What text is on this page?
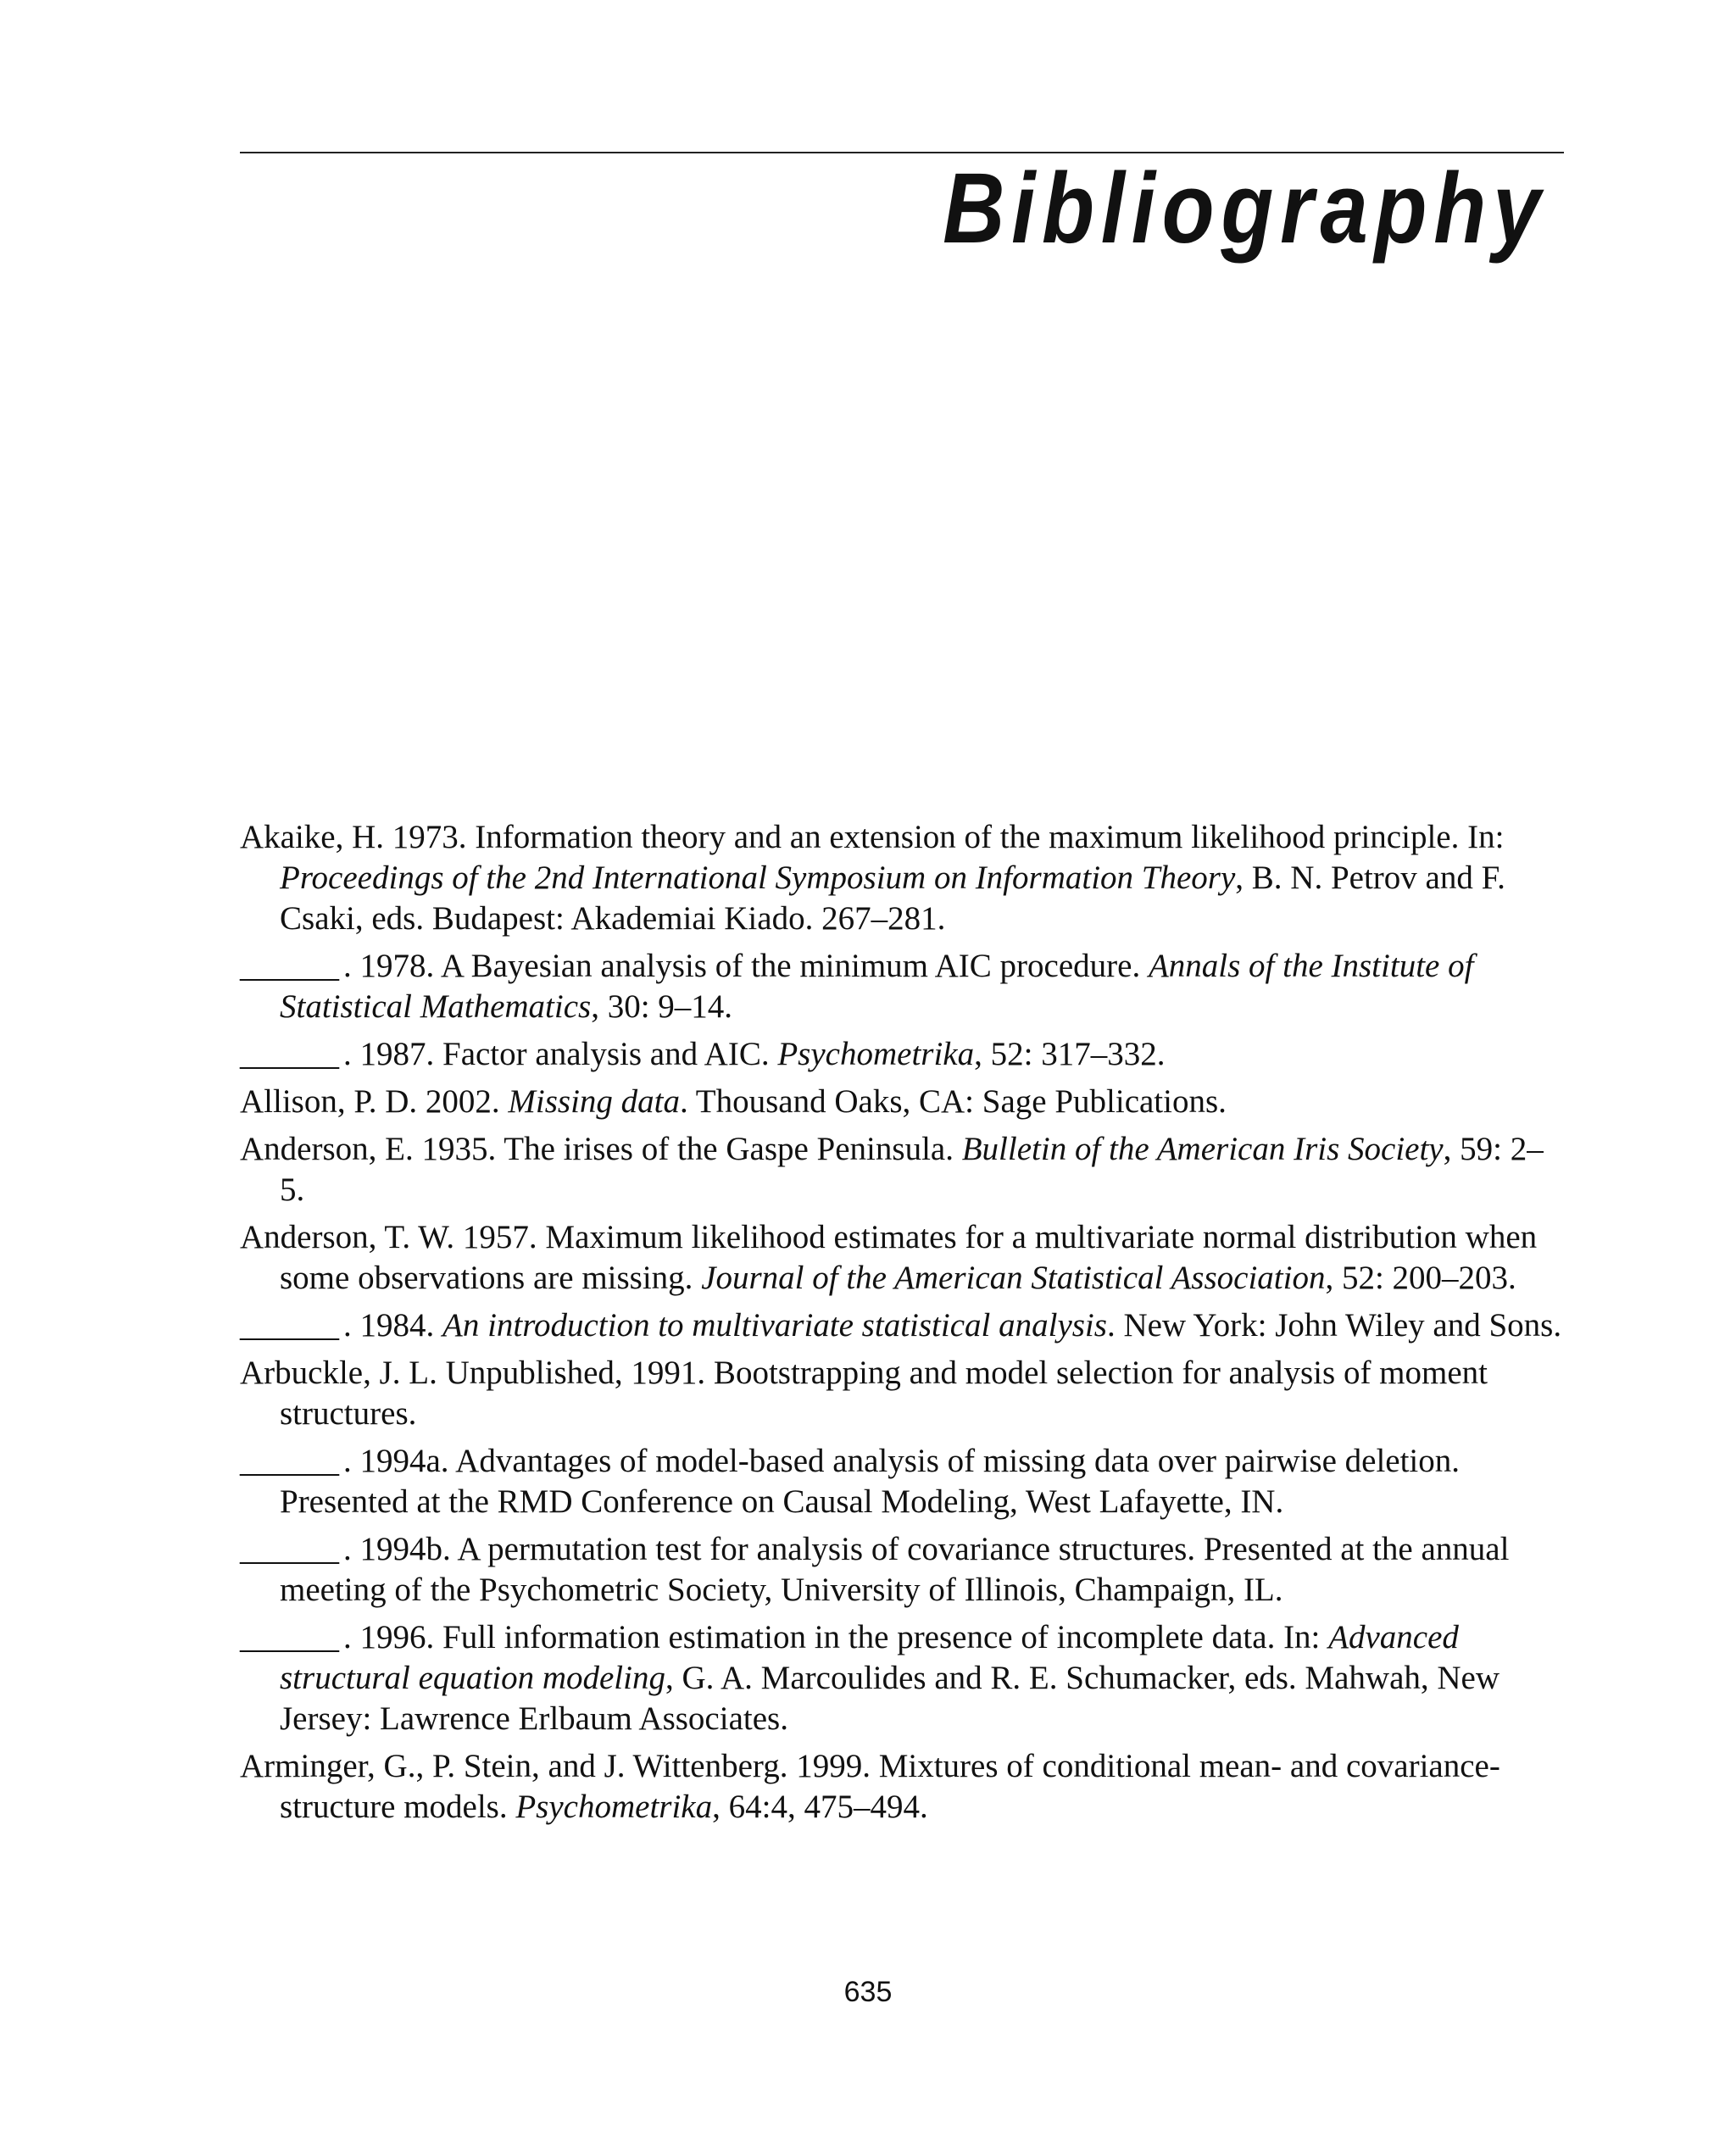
Bibliography
Akaike, H. 1973. Information theory and an extension of the maximum likelihood principle. In: Proceedings of the 2nd International Symposium on Information Theory, B. N. Petrov and F. Csaki, eds. Budapest: Akademiai Kiado. 267–281.
______ . 1978. A Bayesian analysis of the minimum AIC procedure. Annals of the Institute of Statistical Mathematics, 30: 9–14.
______ . 1987. Factor analysis and AIC. Psychometrika, 52: 317–332.
Allison, P. D. 2002. Missing data. Thousand Oaks, CA: Sage Publications.
Anderson, E. 1935. The irises of the Gaspe Peninsula. Bulletin of the American Iris Society, 59: 2–5.
Anderson, T. W. 1957. Maximum likelihood estimates for a multivariate normal distribution when some observations are missing. Journal of the American Statistical Association, 52: 200–203.
______ . 1984. An introduction to multivariate statistical analysis. New York: John Wiley and Sons.
Arbuckle, J. L. Unpublished, 1991. Bootstrapping and model selection for analysis of moment structures.
______ . 1994a. Advantages of model-based analysis of missing data over pairwise deletion. Presented at the RMD Conference on Causal Modeling, West Lafayette, IN.
______ . 1994b. A permutation test for analysis of covariance structures. Presented at the annual meeting of the Psychometric Society, University of Illinois, Champaign, IL.
______ . 1996. Full information estimation in the presence of incomplete data. In: Advanced structural equation modeling, G. A. Marcoulides and R. E. Schumacker, eds. Mahwah, New Jersey: Lawrence Erlbaum Associates.
Arminger, G., P. Stein, and J. Wittenberg. 1999. Mixtures of conditional mean- and covariance-structure models. Psychometrika, 64:4, 475–494.
635
